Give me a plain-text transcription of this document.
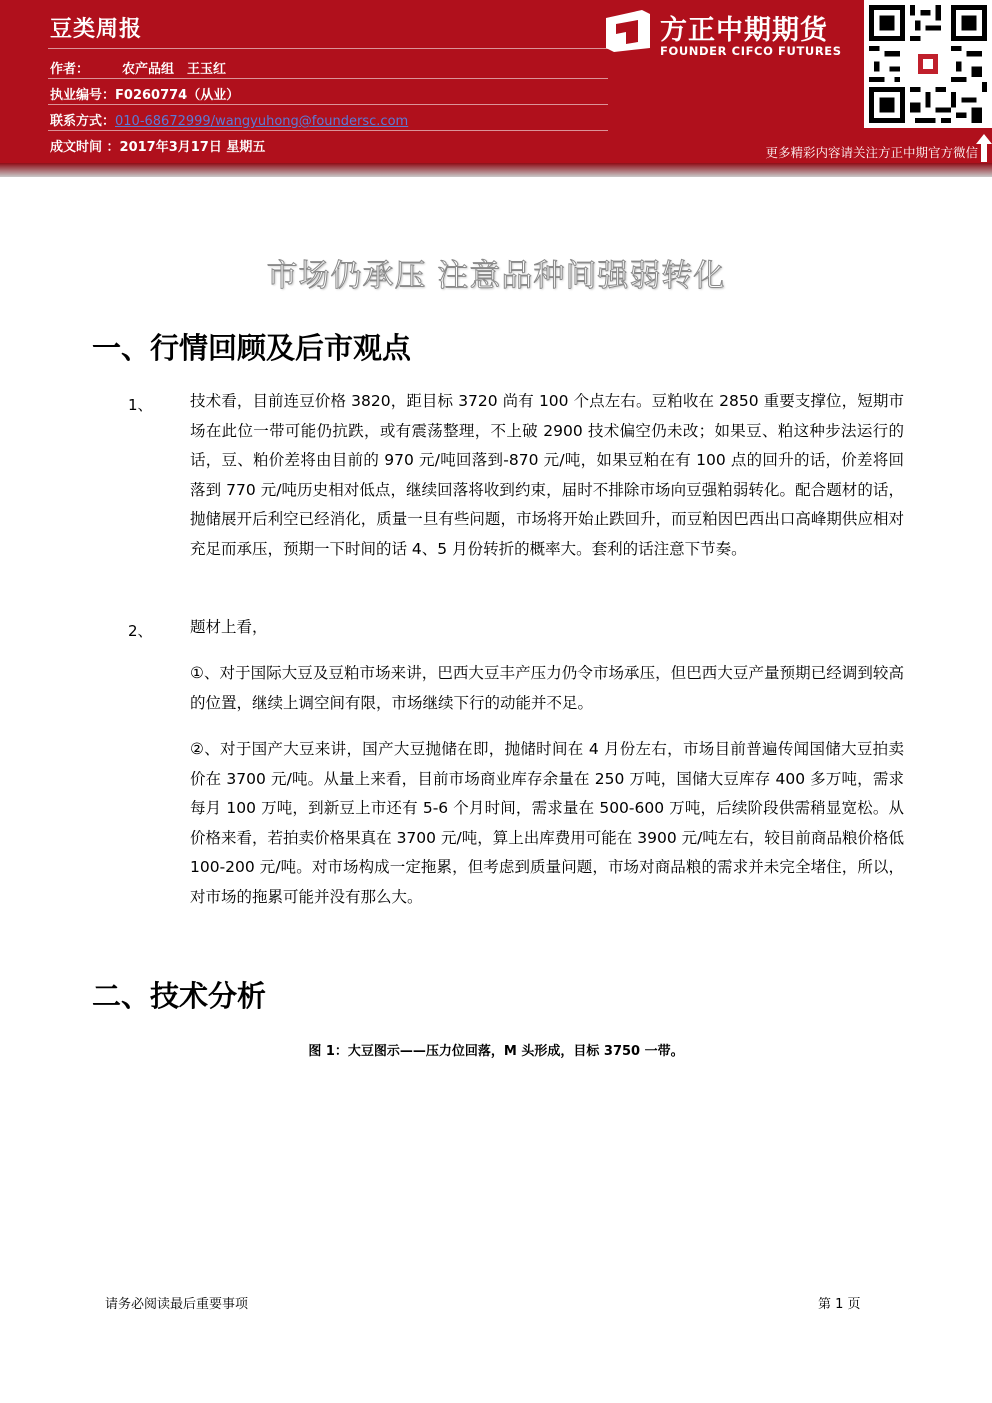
豆类周报
作者：	农产品组　王玉红
执业编号：F0260774（从业）
联系方式：010-68672999/wangyuhong@foundersc.com
成文时间 ：2017年3月17日 星期五
方正中期期货
FOUNDER CIFCO FUTURES
更多精彩内容请关注方正中期官方微信
市场仍承压 注意品种间强弱转化
一、行情回顾及后市观点
1、 技术看，目前连豆价格 3820，距目标 3720 尚有 100 个点左右。豆粕收在 2850 重要支撑位，短期市场在此位一带可能仍抗跌，或有震荡整理，不上破 2900 技术偏空仍未改；如果豆、粕这种步法运行的话，豆、粕价差将由目前的 970 元/吨回落到-870 元/吨，如果豆粕在有 100 点的回升的话，价差将回落到 770 元/吨历史相对低点，继续回落将收到约束，届时不排除市场向豆强粕弱转化。配合题材的话，抛储展开后利空已经消化，质量一旦有些问题，市场将开始止跌回升，而豆粕因巴西出口高峰期供应相对充足而承压，预期一下时间的话 4、5 月份转折的概率大。套利的话注意下节奏。
2、 题材上看，
①、对于国际大豆及豆粕市场来讲，巴西大豆丰产压力仍令市场承压，但巴西大豆产量预期已经调到较高的位置，继续上调空间有限，市场继续下行的动能并不足。
②、对于国产大豆来讲，国产大豆抛储在即，抛储时间在 4 月份左右，市场目前普遍传闻国储大豆拍卖价在 3700 元/吨。从量上来看，目前市场商业库存余量在 250 万吨，国储大豆库存 400 多万吨，需求每月 100 万吨，到新豆上市还有 5-6 个月时间，需求量在 500-600 万吨，后续阶段供需稍显宽松。从价格来看，若拍卖价格果真在 3700 元/吨，算上出库费用可能在 3900 元/吨左右，较目前商品粮价格低 100-200 元/吨。对市场构成一定拖累，但考虑到质量问题，市场对商品粮的需求并未完全堵住，所以，对市场的拖累可能并没有那么大。
二、技术分析
图 1：大豆图示——压力位回落，M 头形成，目标 3750 一带。
请务必阅读最后重要事项	第 1 页
